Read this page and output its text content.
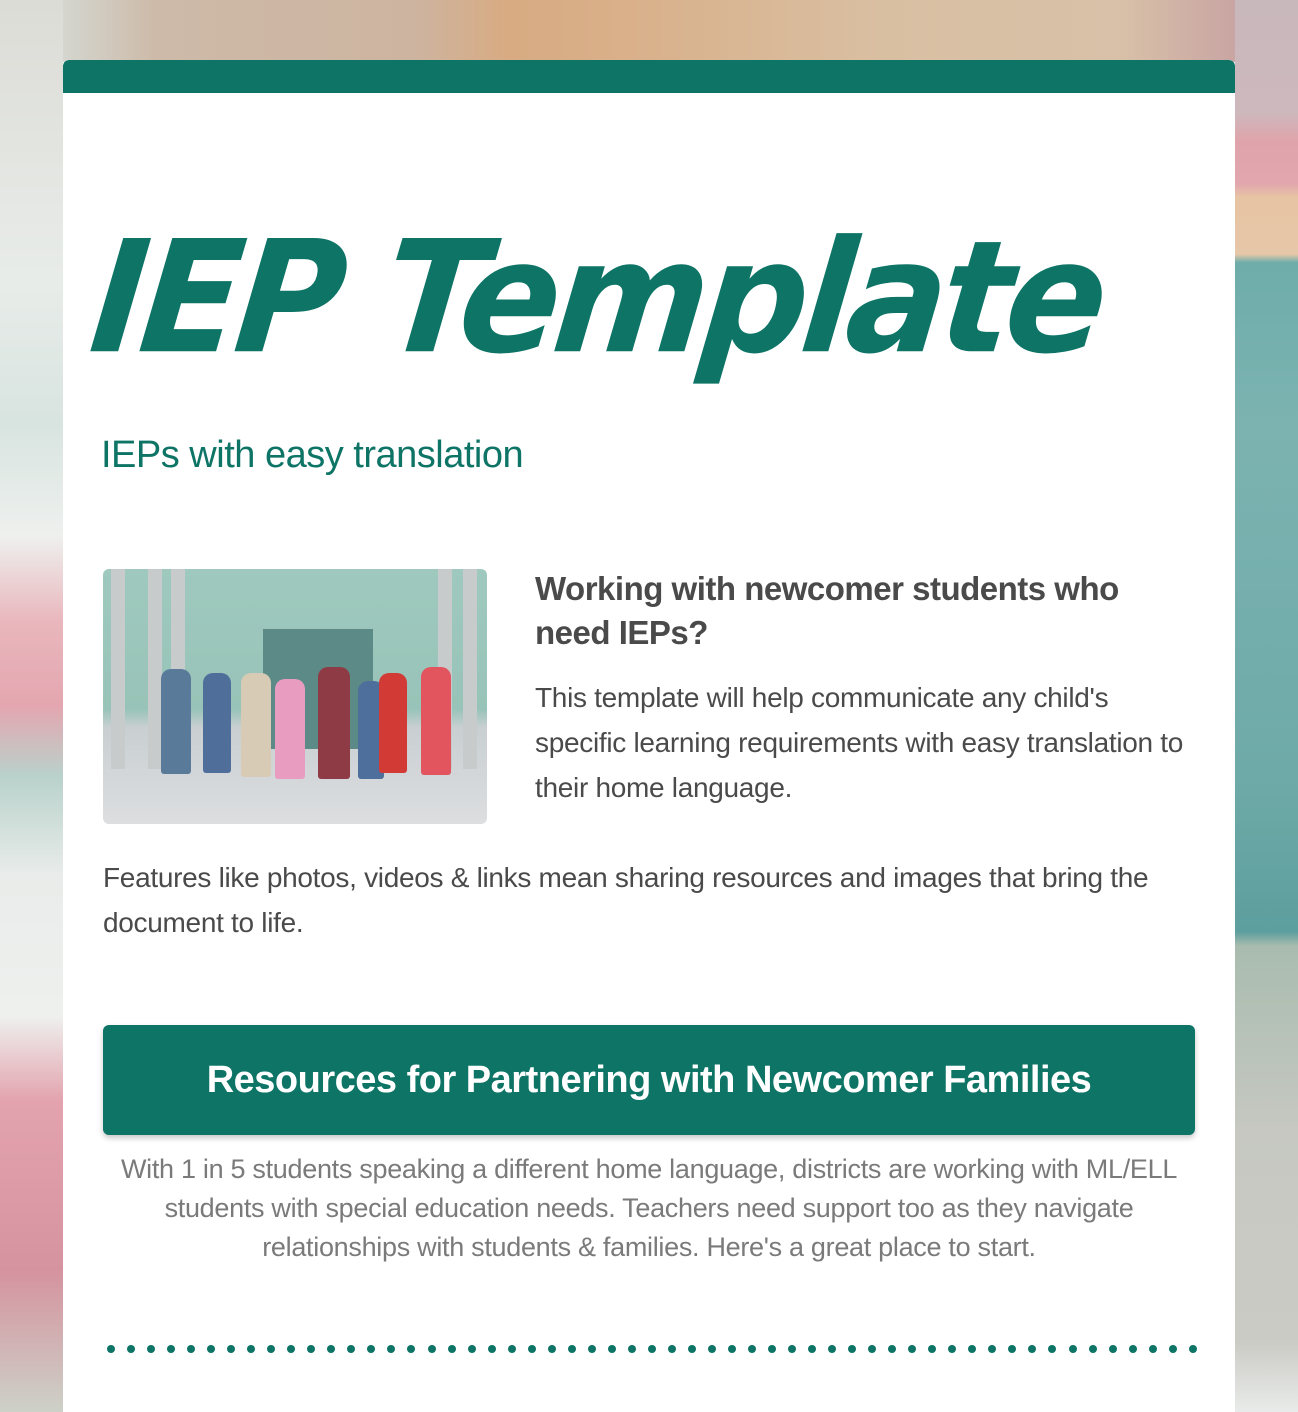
IEP Template
IEPs with easy translation
Working with newcomer students who need IEPs?

This template will help communicate any child's specific learning requirements with easy translation to their home language.

Features like photos, videos & links mean sharing resources and images that bring the document to life.

Resources for Partnering with Newcomer Families

With 1 in 5 students speaking a different home language, districts are working with ML/ELL students with special education needs. Teachers need support too as they navigate relationships with students & families. Here's a great place to start.
